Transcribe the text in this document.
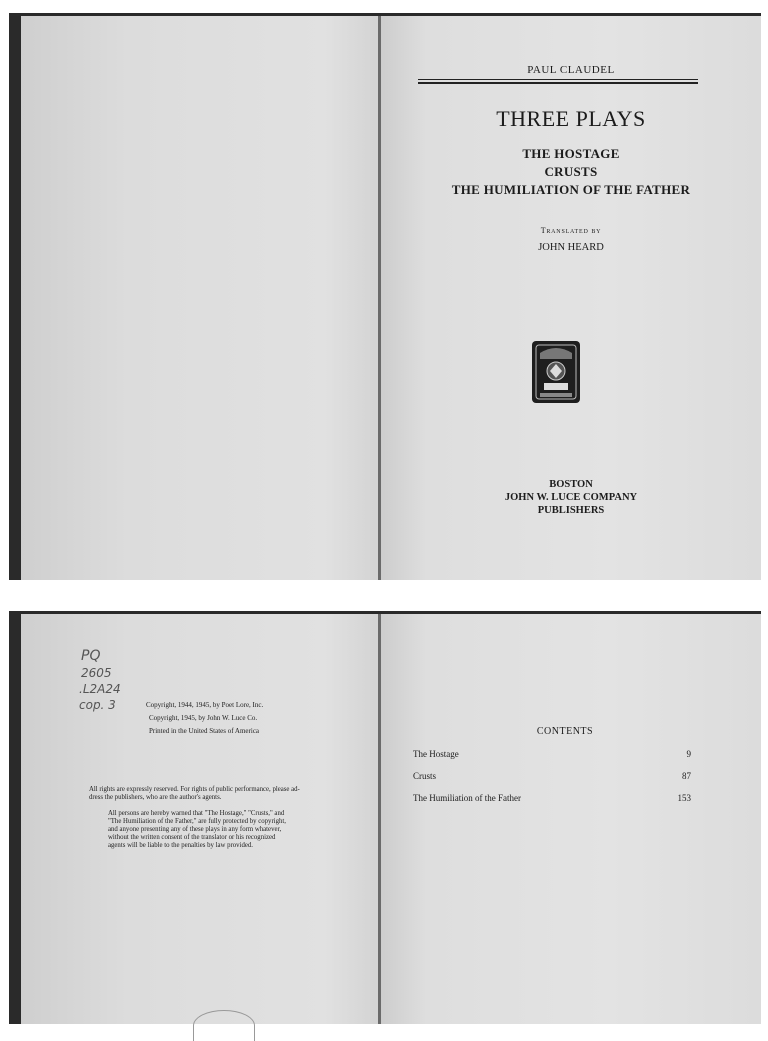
PAUL CLAUDEL
THREE PLAYS
THE HOSTAGE
CRUSTS
THE HUMILIATION OF THE FATHER
Translated by
JOHN HEARD
BOSTON
JOHN W. LUCE COMPANY
PUBLISHERS
PQ
2605
.L2A24
cop. 3	Copyright, 1944, 1945, by Poet Lore, Inc.
Copyright, 1945, by John W. Luce Co.
Printed in the United States of America
All rights are expressly reserved. For rights of public performance, please ad-
dress the publishers, who are the author's agents.
All persons are hereby warned that "The Hostage," "Crusts," and
"The Humiliation of the Father," are fully protected by copyright,
and anyone presenting any of these plays in any form whatever,
without the written consent of the translator or his recognized
agents will be liable to the penalties by law provided.
CONTENTS
The Hostage	9
Crusts	87
The Humiliation of the Father	153
